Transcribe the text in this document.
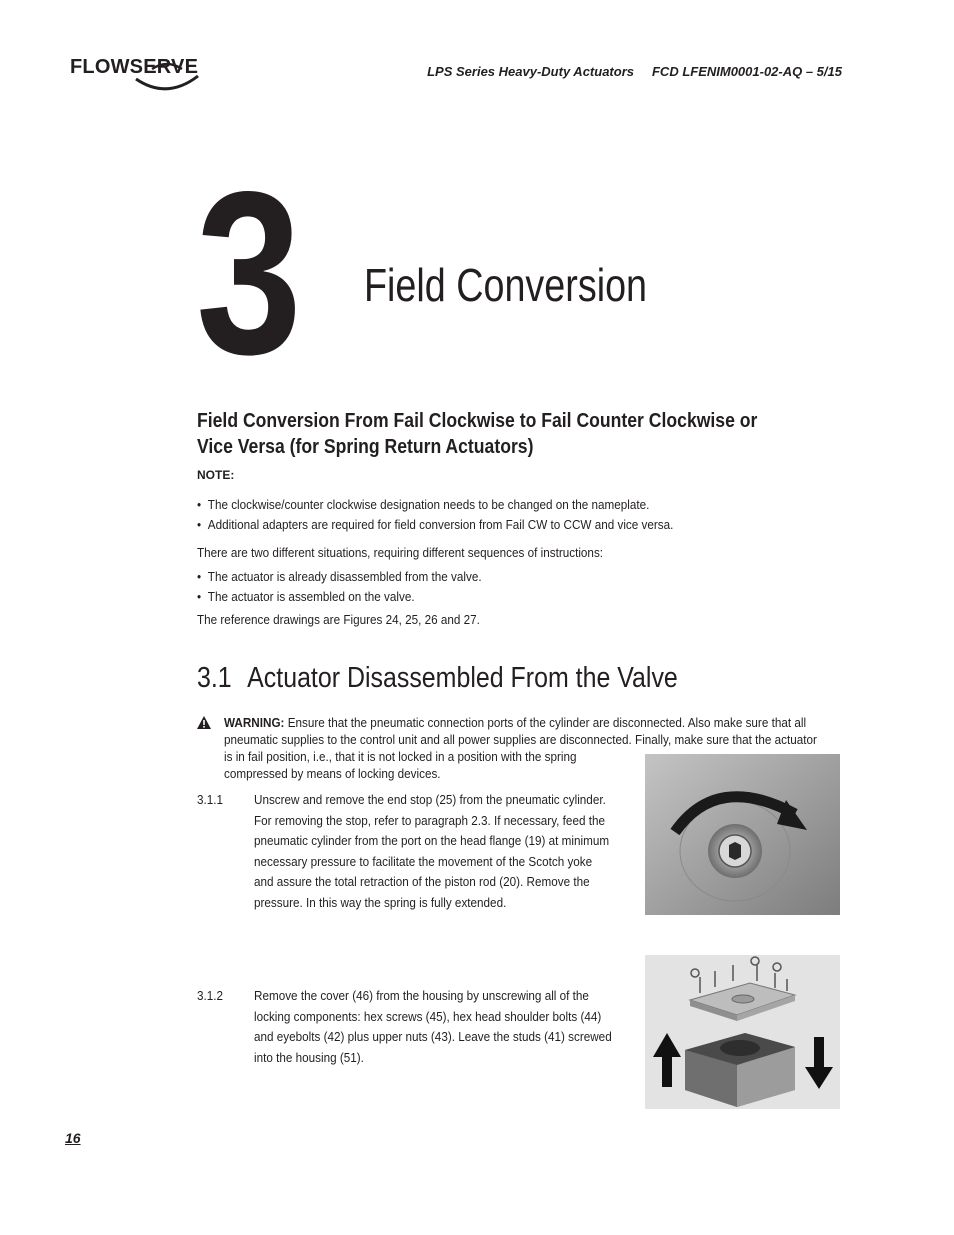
FLOWSERVE	LPS Series Heavy-Duty Actuators FCD LFENIM0001-02-AQ – 5/15
3 Field Conversion
Field Conversion From Fail Clockwise to Fail Counter Clockwise or
Vice Versa (for Spring Return Actuators)
NOTE:
• The clockwise/counter clockwise designation needs to be changed on the nameplate.
• Additional adapters are required for field conversion from Fail CW to CCW and vice versa.
There are two different situations, requiring different sequences of instructions:
• The actuator is already disassembled from the valve.
• The actuator is assembled on the valve.
The reference drawings are Figures 24, 25, 26 and 27.
3.1 Actuator Disassembled From the Valve
WARNING: Ensure that the pneumatic connection ports of the cylinder are disconnected. Also make sure that all
pneumatic supplies to the control unit and all power supplies are disconnected. Finally, make sure that the actuator
is in fail position, i.e., that it is not locked in a position with the spring
compressed by means of locking devices.
3.1.1 Unscrew and remove the end stop (25) from the pneumatic cylinder.
For removing the stop, refer to paragraph 2.3. If necessary, feed the
pneumatic cylinder from the port on the head flange (19) at minimum
necessary pressure to facilitate the movement of the Scotch yoke
and assure the total retraction of the piston rod (20). Remove the
pressure. In this way the spring is fully extended.
3.1.2 Remove the cover (46) from the housing by unscrewing all of the
locking components: hex screws (45), hex head shoulder bolts (44)
and eyebolts (42) plus upper nuts (43). Leave the studs (41) screwed
into the housing (51).
16
